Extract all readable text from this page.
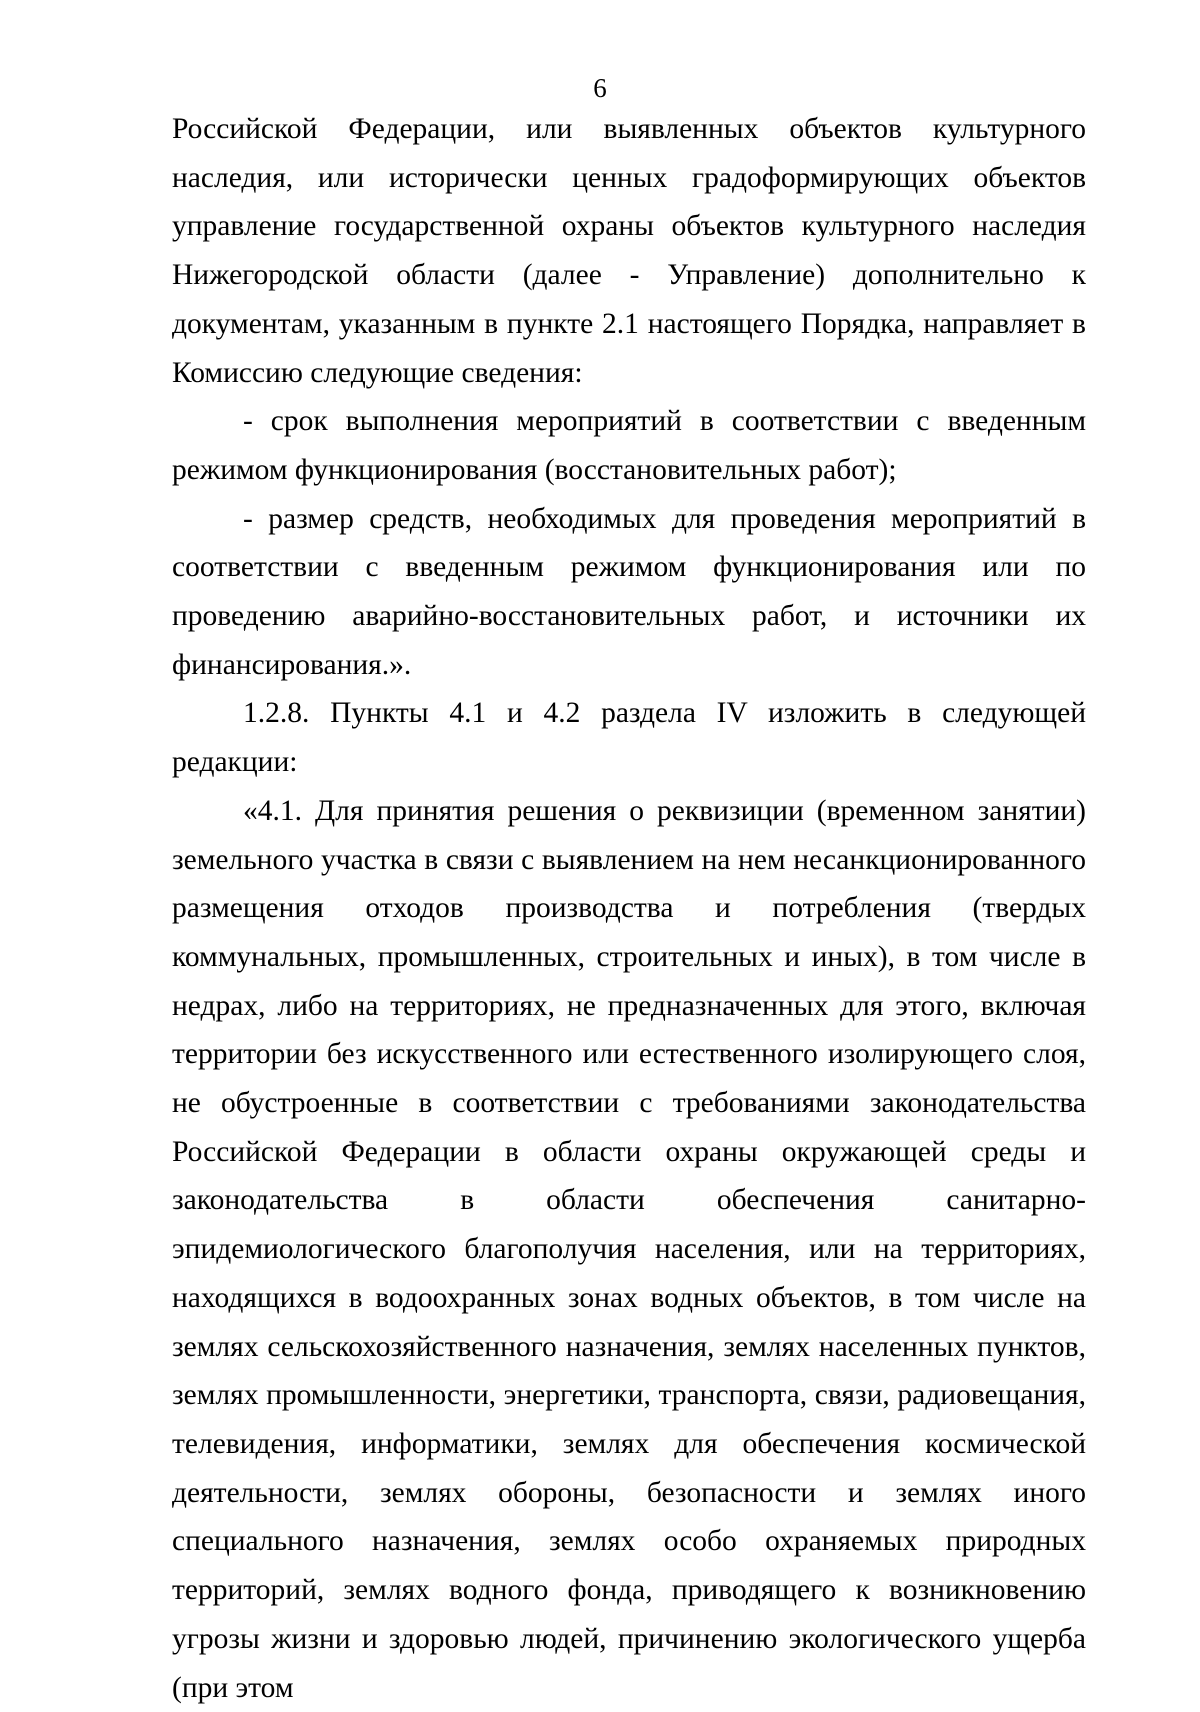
6

Российской Федерации, или выявленных объектов культурного наследия, или исторически ценных градоформирующих объектов управление государственной охраны объектов культурного наследия Нижегородской области (далее - Управление) дополнительно к документам, указанным в пункте 2.1 настоящего Порядка, направляет в Комиссию следующие сведения:

- срок выполнения мероприятий в соответствии с введенным режимом функционирования (восстановительных работ);

- размер средств, необходимых для проведения мероприятий в соответствии с введенным режимом функционирования или по проведению аварийно-восстановительных работ, и источники их финансирования.».

1.2.8. Пункты 4.1 и 4.2 раздела IV изложить в следующей редакции:

«4.1. Для принятия решения о реквизиции (временном занятии) земельного участка в связи с выявлением на нем несанкционированного размещения отходов производства и потребления (твердых коммунальных, промышленных, строительных и иных), в том числе в недрах, либо на территориях, не предназначенных для этого, включая территории без искусственного или естественного изолирующего слоя, не обустроенные в соответствии с требованиями законодательства Российской Федерации в области охраны окружающей среды и законодательства в области обеспечения санитарно-эпидемиологического благополучия населения, или на территориях, находящихся в водоохранных зонах водных объектов, в том числе на землях сельскохозяйственного назначения, землях населенных пунктов, землях промышленности, энергетики, транспорта, связи, радиовещания, телевидения, информатики, землях для обеспечения космической деятельности, землях обороны, безопасности и землях иного специального назначения, землях особо охраняемых природных территорий, землях водного фонда, приводящего к возникновению угрозы жизни и здоровью людей, причинению экологического ущерба (при этом
